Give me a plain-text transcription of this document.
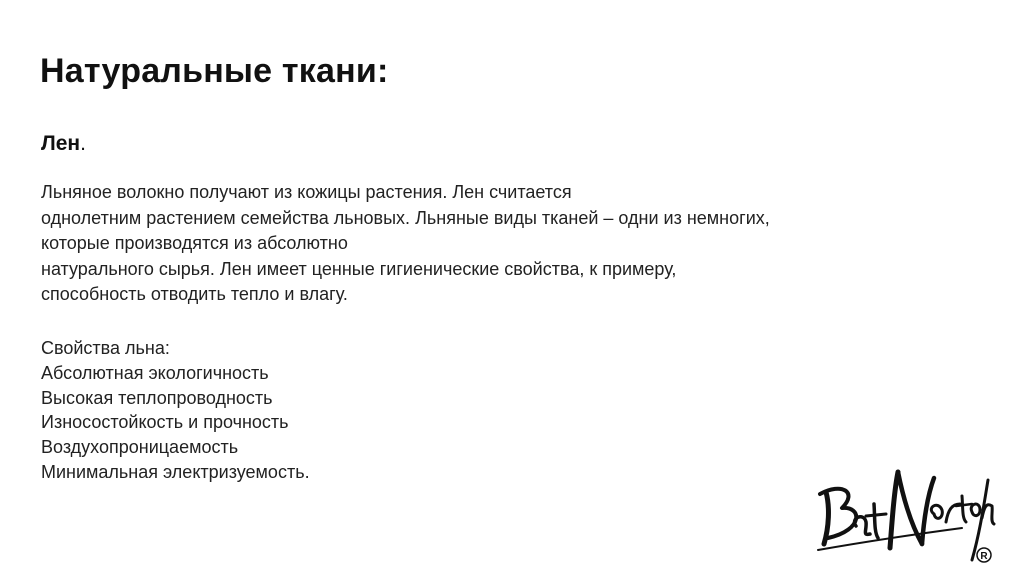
Натуральные ткани:

Лен.

Льняное волокно получают из кожицы растения. Лен считается
однолетним растением семейства льновых. Льняные виды тканей – одни из немногих,
которые производятся из абсолютно
натурального сырья. Лен имеет ценные гигиенические свойства, к примеру,
способность отводить тепло и влагу.
Свойства льна:
Абсолютная экологичность
Высокая теплопроводность
Износостойкость и прочность
Воздухопроницаемость
Минимальная электризуемость.
R
